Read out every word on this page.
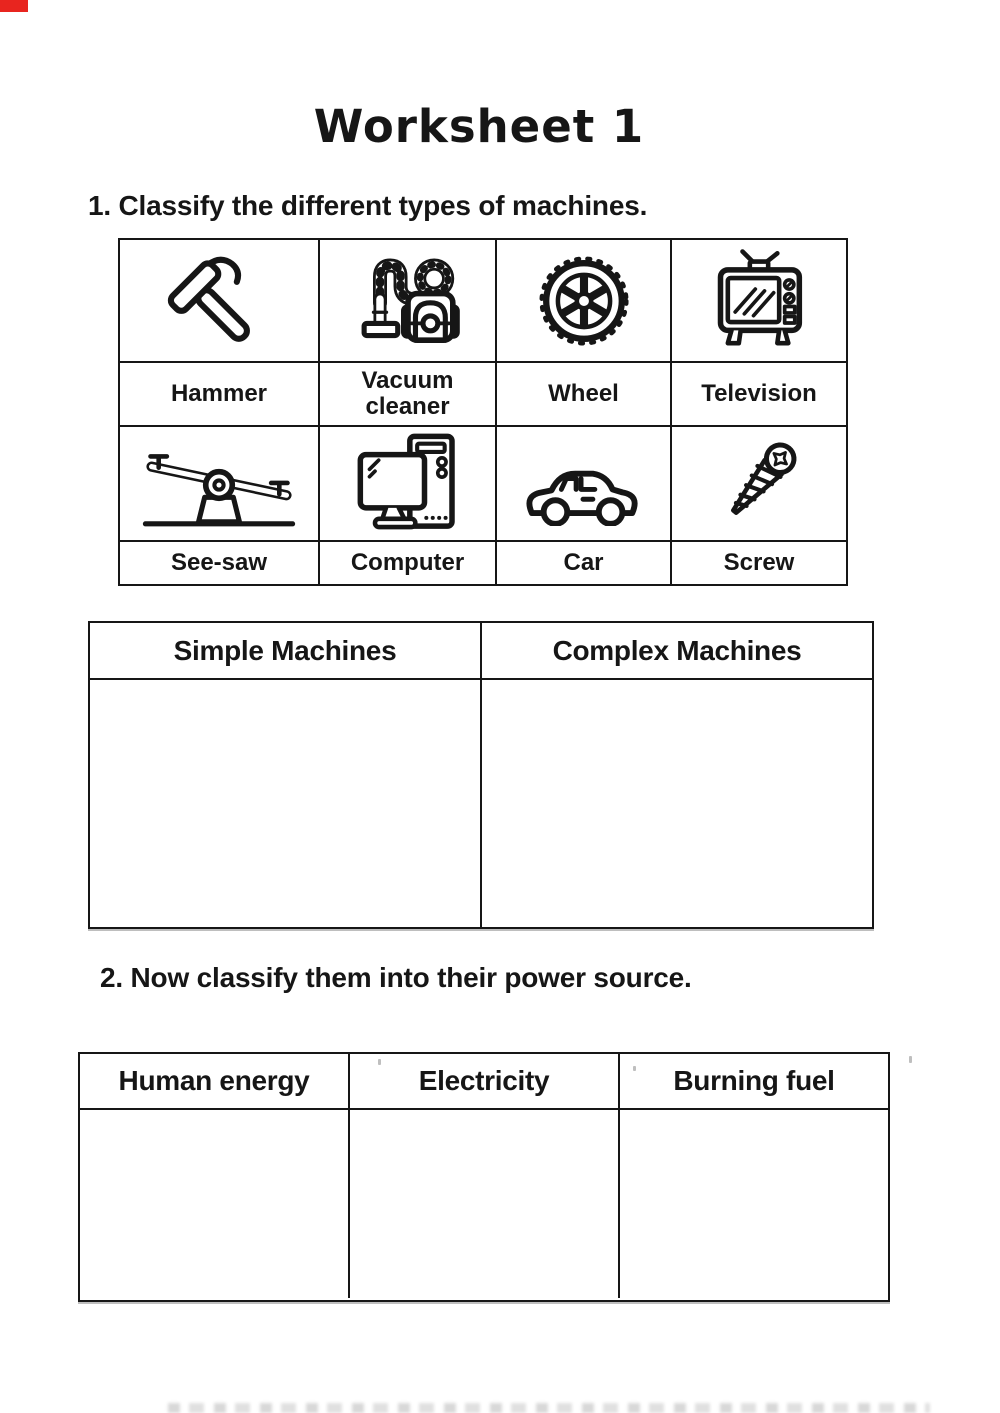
Worksheet 1
1. Classify the different types of machines.
Hammer	Vacuum cleaner	Wheel	Television
See-saw	Computer	Car	Screw
Simple Machines	Complex Machines
2. Now classify them into their power source.
Human energy	Electricity	Burning fuel
